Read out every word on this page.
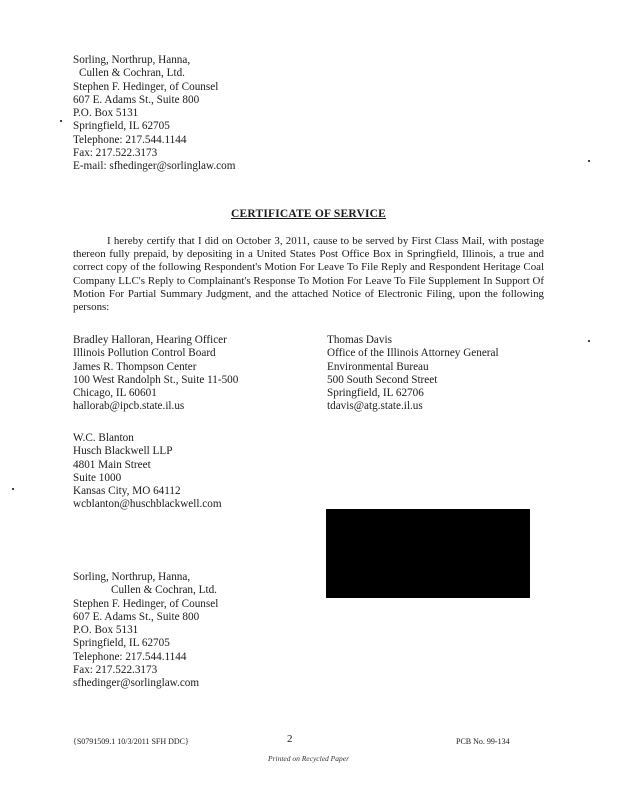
Sorling, Northrup, Hanna,
Cullen & Cochran, Ltd.
Stephen F. Hedinger, of Counsel
607 E. Adams St., Suite 800
P.O. Box 5131
Springfield, IL 62705
Telephone: 217.544.1144
Fax: 217.522.3173
E-mail: sfhedinger@sorlinglaw.com
CERTIFICATE OF SERVICE
I hereby certify that I did on October 3, 2011, cause to be served by First Class Mail, with postage thereon fully prepaid, by depositing in a United States Post Office Box in Springfield, Illinois, a true and correct copy of the following Respondent's Motion For Leave To File Reply and Respondent Heritage Coal Company LLC's Reply to Complainant's Response To Motion For Leave To File Supplement In Support Of Motion For Partial Summary Judgment, and the attached Notice of Electronic Filing, upon the following persons:
Bradley Halloran, Hearing Officer
Illinois Pollution Control Board
James R. Thompson Center
100 West Randolph St., Suite 11-500
Chicago, IL 60601
hallorab@ipcb.state.il.us
Thomas Davis
Office of the Illinois Attorney General
Environmental Bureau
500 South Second Street
Springfield, IL 62706
tdavis@atg.state.il.us
W.C. Blanton
Husch Blackwell LLP
4801 Main Street
Suite 1000
Kansas City, MO 64112
wcblanton@huschblackwell.com
Sorling, Northrup, Hanna,
Cullen & Cochran, Ltd.
Stephen F. Hedinger, of Counsel
607 E. Adams St., Suite 800
P.O. Box 5131
Springfield, IL 62705
Telephone: 217.544.1144
Fax: 217.522.3173
sfhedinger@sorlinglaw.com
{S0791509.1 10/3/2011 SFH DDC}	2	PCB No. 99-134
Printed on Recycled Paper
